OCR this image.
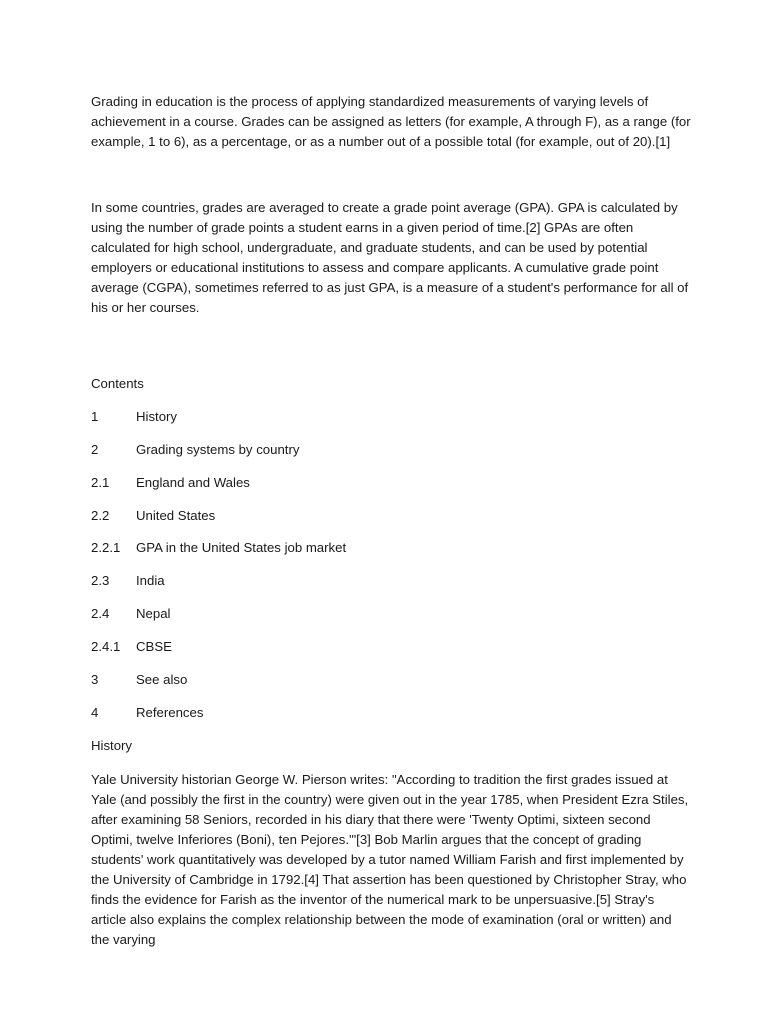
Grading in education is the process of applying standardized measurements of varying levels of achievement in a course. Grades can be assigned as letters (for example, A through F), as a range (for example, 1 to 6), as a percentage, or as a number out of a possible total (for example, out of 20).[1]

In some countries, grades are averaged to create a grade point average (GPA). GPA is calculated by using the number of grade points a student earns in a given period of time.[2] GPAs are often calculated for high school, undergraduate, and graduate students, and can be used by potential employers or educational institutions to assess and compare applicants. A cumulative grade point average (CGPA), sometimes referred to as just GPA, is a measure of a student's performance for all of his or her courses.

Contents
1	History
2	Grading systems by country
2.1	England and Wales
2.2	United States
2.2.1	GPA in the United States job market
2.3	India
2.4	Nepal
2.4.1	CBSE
3	See also
4	References
History

Yale University historian George W. Pierson writes: "According to tradition the first grades issued at Yale (and possibly the first in the country) were given out in the year 1785, when President Ezra Stiles, after examining 58 Seniors, recorded in his diary that there were 'Twenty Optimi, sixteen second Optimi, twelve Inferiores (Boni), ten Pejores.'"[3] Bob Marlin argues that the concept of grading students' work quantitatively was developed by a tutor named William Farish and first implemented by the University of Cambridge in 1792.[4] That assertion has been questioned by Christopher Stray, who finds the evidence for Farish as the inventor of the numerical mark to be unpersuasive.[5] Stray's article also explains the complex relationship between the mode of examination (oral or written) and the varying
